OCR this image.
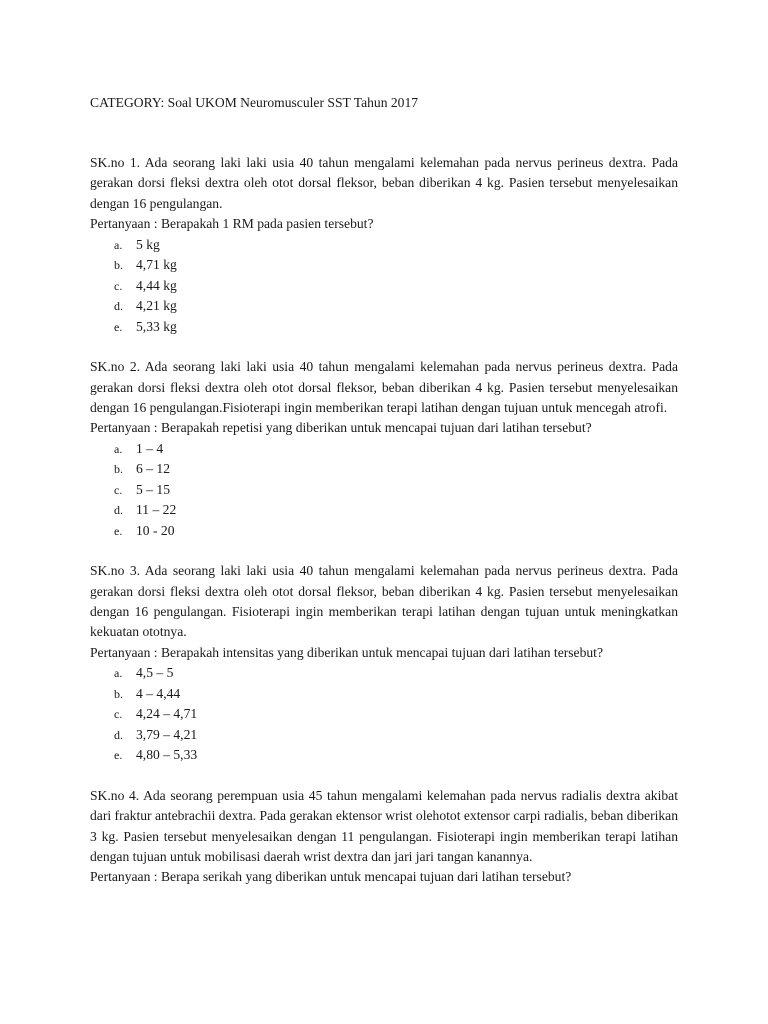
CATEGORY: Soal UKOM Neuromusculer SST Tahun 2017

SK.no 1. Ada seorang laki laki usia 40 tahun mengalami kelemahan pada nervus perineus dextra. Pada gerakan dorsi fleksi dextra oleh otot dorsal fleksor, beban diberikan 4 kg. Pasien tersebut menyelesaikan dengan 16 pengulangan.

Pertanyaan : Berapakah 1 RM pada pasien tersebut?

a.	5 kg
b. 4,71 kg
c.	4,44 kg
d. 4,21 kg
e.	5,33 kg

SK.no 2. Ada seorang laki laki usia 40 tahun mengalami kelemahan pada nervus perineus dextra. Pada gerakan dorsi fleksi dextra oleh otot dorsal fleksor, beban diberikan 4 kg. Pasien tersebut menyelesaikan dengan 16 pengulangan.Fisioterapi ingin memberikan terapi latihan dengan tujuan untuk mencegah atrofi.

Pertanyaan : Berapakah repetisi yang diberikan untuk mencapai tujuan dari latihan tersebut?

a.	1 – 4
b. 6 – 12
c.	5 – 15
d. 11 – 22
e.	10 - 20

SK.no 3. Ada seorang laki laki usia 40 tahun mengalami kelemahan pada nervus perineus dextra. Pada gerakan dorsi fleksi dextra oleh otot dorsal fleksor, beban diberikan 4 kg. Pasien tersebut menyelesaikan dengan 16 pengulangan. Fisioterapi ingin memberikan terapi latihan dengan tujuan untuk meningkatkan kekuatan ototnya.

Pertanyaan : Berapakah intensitas yang diberikan untuk mencapai tujuan dari latihan tersebut?

a.	4,5 – 5
b. 4 – 4,44
c.	4,24 – 4,71
d. 3,79 – 4,21
e.	4,80 – 5,33

SK.no 4. Ada seorang perempuan usia 45 tahun mengalami kelemahan pada nervus radialis dextra akibat dari fraktur antebrachii dextra. Pada gerakan ektensor wrist olehotot extensor carpi radialis, beban diberikan 3 kg. Pasien tersebut menyelesaikan dengan 11 pengulangan. Fisioterapi ingin memberikan terapi latihan dengan tujuan untuk mobilisasi daerah wrist dextra dan jari jari tangan kanannya.

Pertanyaan : Berapa serikah yang diberikan untuk mencapai tujuan dari latihan tersebut?
